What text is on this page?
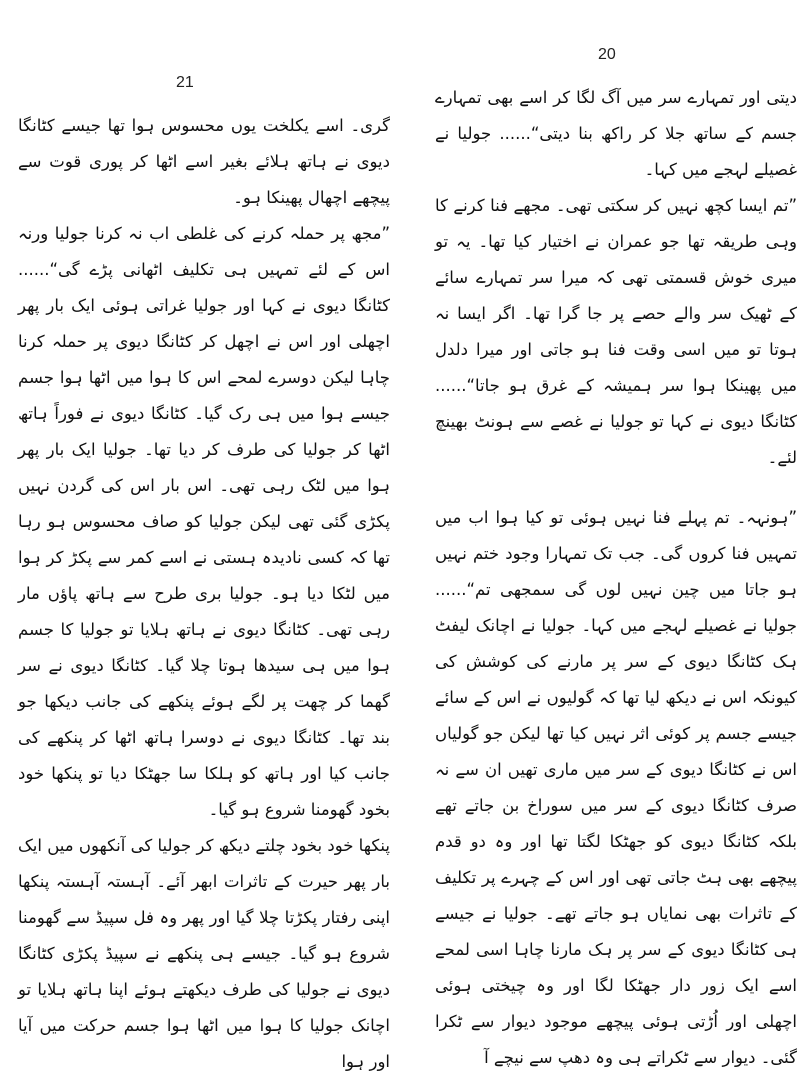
21

گری۔ اسے یکلخت یوں محسوس ہوا تھا جیسے کٹانگا دیوی نے ہاتھ ہلائے بغیر اسے اٹھا کر پوری قوت سے پیچھے اچھال پھینکا ہو۔

”مجھ پر حملہ کرنے کی غلطی اب نہ کرنا جولیا ورنہ اس کے لئے تمہیں ہی تکلیف اٹھانی پڑے گی“...... کٹانگا دیوی نے کہا اور جولیا غراتی ہوئی ایک بار پھر اچھلی اور اس نے اچھل کر کٹانگا دیوی پر حملہ کرنا چاہا لیکن دوسرے لمحے اس کا ہوا میں اٹھا ہوا جسم جیسے ہوا میں ہی رک گیا۔ کٹانگا دیوی نے فوراً ہاتھ اٹھا کر جولیا کی طرف کر دیا تھا۔ جولیا ایک بار پھر ہوا میں لٹک رہی تھی۔ اس بار اس کی گردن نہیں پکڑی گئی تھی لیکن جولیا کو صاف محسوس ہو رہا تھا کہ کسی نادیدہ ہستی نے اسے کمر سے پکڑ کر ہوا میں لٹکا دیا ہو۔ جولیا بری طرح سے ہاتھ پاؤں مار رہی تھی۔ کٹانگا دیوی نے ہاتھ ہلایا تو جولیا کا جسم ہوا میں ہی سیدھا ہوتا چلا گیا۔ کٹانگا دیوی نے سر گھما کر چھت پر لگے ہوئے پنکھے کی جانب دیکھا جو بند تھا۔ کٹانگا دیوی نے دوسرا ہاتھ اٹھا کر پنکھے کی جانب کیا اور ہاتھ کو ہلکا سا جھٹکا دیا تو پنکھا خود بخود گھومنا شروع ہو گیا۔

پنکھا خود بخود چلتے دیکھ کر جولیا کی آنکھوں میں ایک بار پھر حیرت کے تاثرات ابھر آئے۔ آہستہ آہستہ پنکھا اپنی رفتار پکڑتا چلا گیا اور پھر وہ فل سپیڈ سے گھومنا شروع ہو گیا۔ جیسے ہی پنکھے نے سپیڈ پکڑی کٹانگا دیوی نے جولیا کی طرف دیکھتے ہوئے اپنا ہاتھ ہلایا تو اچانک جولیا کا ہوا میں اٹھا ہوا جسم حرکت میں آیا اور ہوا

20

دیتی اور تمہارے سر میں آگ لگا کر اسے بھی تمہارے جسم کے ساتھ جلا کر راکھ بنا دیتی“...... جولیا نے غصیلے لہجے میں کہا۔

”تم ایسا کچھ نہیں کر سکتی تھی۔ مجھے فنا کرنے کا وہی طریقہ تھا جو عمران نے اختیار کیا تھا۔ یہ تو میری خوش قسمتی تھی کہ میرا سر تمہارے سائے کے ٹھیک سر والے حصے پر جا گرا تھا۔ اگر ایسا نہ ہوتا تو میں اسی وقت فنا ہو جاتی اور میرا دلدل میں پھینکا ہوا سر ہمیشہ کے غرق ہو جاتا“...... کٹانگا دیوی نے کہا تو جولیا نے غصے سے ہونٹ بھینچ لئے۔

”ہونہہ۔ تم پہلے فنا نہیں ہوئی تو کیا ہوا اب میں تمہیں فنا کروں گی۔ جب تک تمہارا وجود ختم نہیں ہو جاتا میں چین نہیں لوں گی سمجھی تم“...... جولیا نے غصیلے لہجے میں کہا۔ جولیا نے اچانک لیفٹ ہک کٹانگا دیوی کے سر پر مارنے کی کوشش کی کیونکہ اس نے دیکھ لیا تھا کہ گولیوں نے اس کے سائے جیسے جسم پر کوئی اثر نہیں کیا تھا لیکن جو گولیاں اس نے کٹانگا دیوی کے سر میں ماری تھیں ان سے نہ صرف کٹانگا دیوی کے سر میں سوراخ بن جاتے تھے بلکہ کٹانگا دیوی کو جھٹکا لگتا تھا اور وہ دو قدم پیچھے بھی ہٹ جاتی تھی اور اس کے چہرے پر تکلیف کے تاثرات بھی نمایاں ہو جاتے تھے۔ جولیا نے جیسے ہی کٹانگا دیوی کے سر پر ہک مارنا چاہا اسی لمحے اسے ایک زور دار جھٹکا لگا اور وہ چیختی ہوئی اچھلی اور اُڑتی ہوئی پیچھے موجود دیوار سے ٹکرا گئی۔ دیوار سے ٹکراتے ہی وہ دھپ سے نیچے آ
